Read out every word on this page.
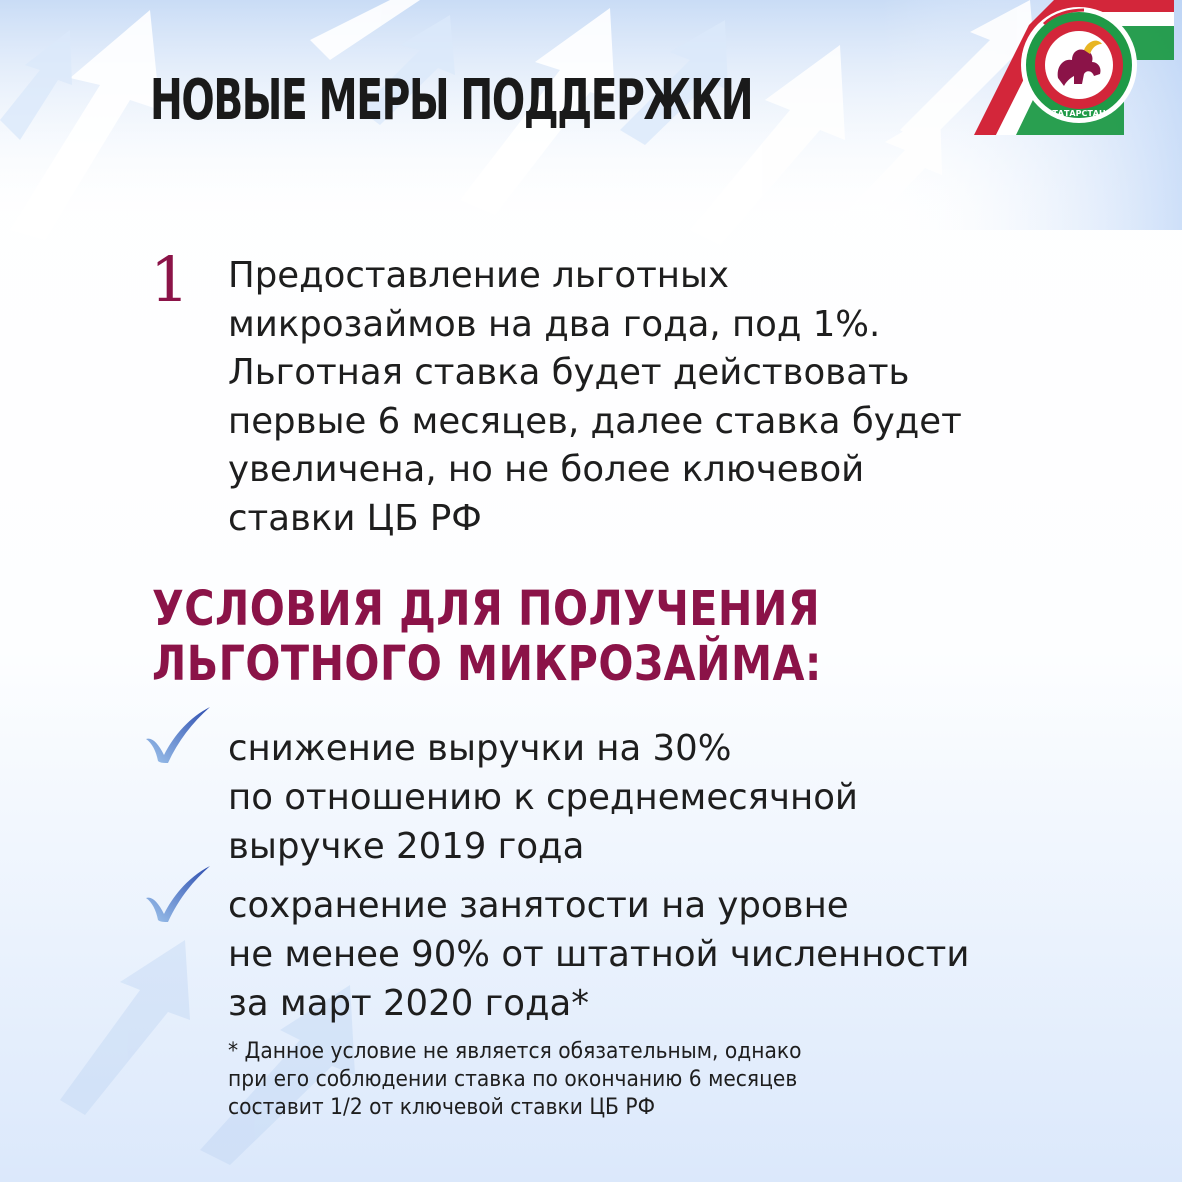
НОВЫЕ МЕРЫ ПОДДЕРЖКИ	ТАТАРСТАН
1 Предоставление льготных
микрозаймов на два года, под 1%.
Льготная ставка будет действовать
первые 6 месяцев, далее ставка будет
увеличена, но не более ключевой
ставки ЦБ РФ

УСЛОВИЯ ДЛЯ ПОЛУЧЕНИЯ
ЛЬГОТНОГО МИКРОЗАЙМА:

снижение выручки на 30%
по отношению к среднемесячной
выручке 2019 года

сохранение занятости на уровне
не менее 90% от штатной численности
за март 2020 года*

* Данное условие не является обязательным, однако
при его соблюдении ставка по окончанию 6 месяцев
составит 1/2 от ключевой ставки ЦБ РФ
